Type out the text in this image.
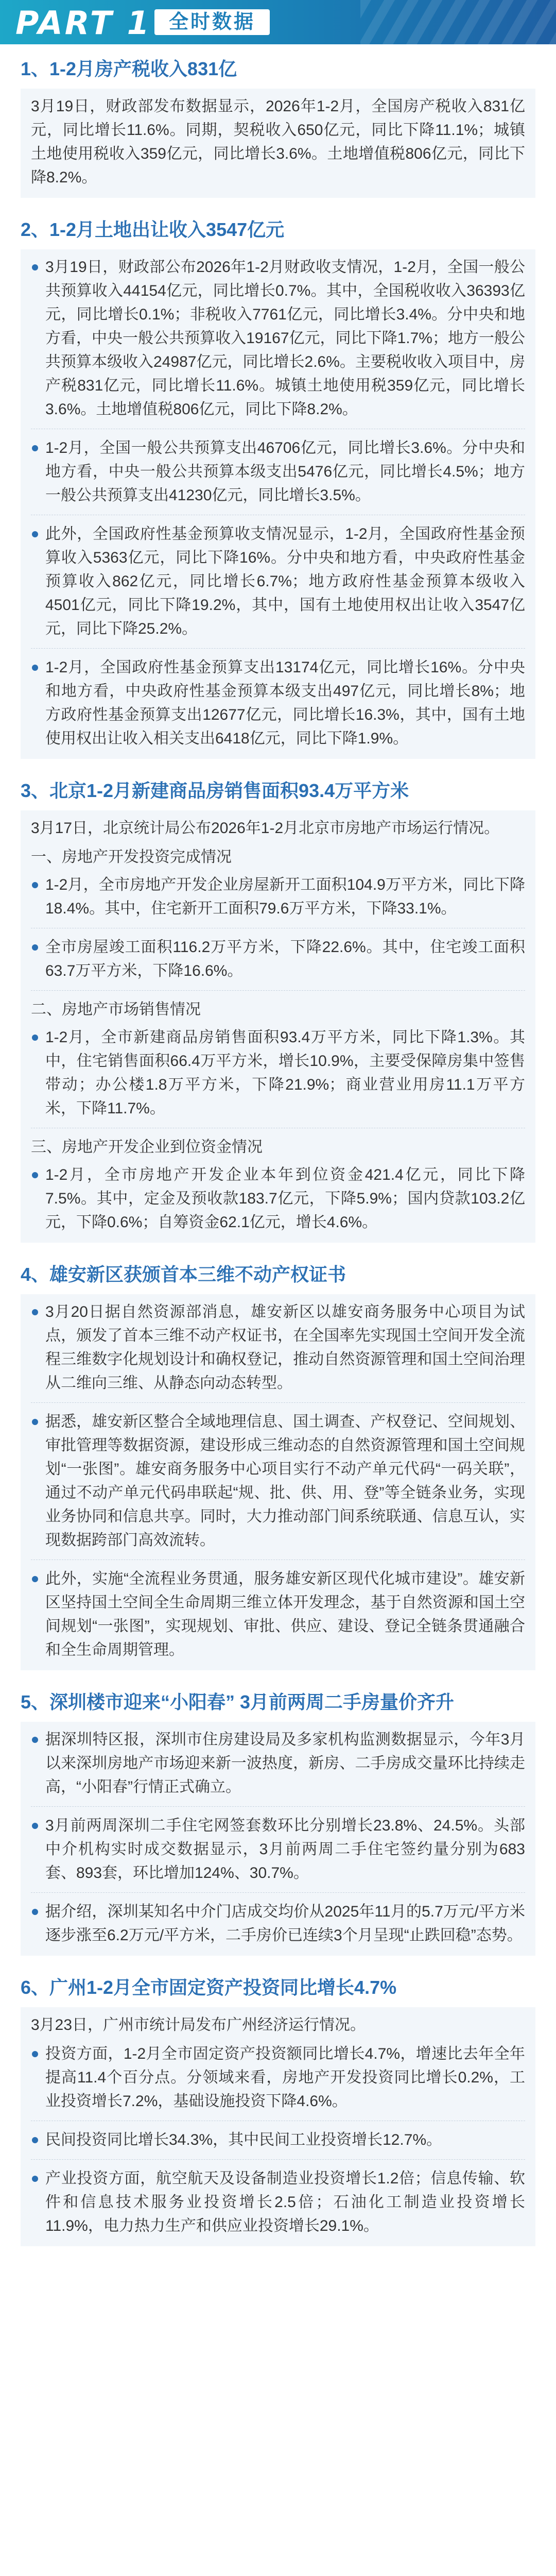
PART 1 全时数据
1、1-2月房产税收入831亿

3月19日，财政部发布数据显示，2026年1-2月，全国房产税收入831亿元，同比增长11.6%。同期，契税收入650亿元，同比下降11.1%；城镇土地使用税收入359亿元，同比增长3.6%。土地增值税806亿元，同比下降8.2%。

2、1-2月土地出让收入3547亿元
3月19日，财政部公布2026年1-2月财政收支情况，1-2月，全国一般公共预算收入44154亿元，同比增长0.7%。其中，全国税收收入36393亿元，同比增长0.1%；非税收入7761亿元，同比增长3.4%。分中央和地方看，中央一般公共预算收入19167亿元，同比下降1.7%；地方一般公共预算本级收入24987亿元，同比增长2.6%。主要税收收入项目中，房产税831亿元，同比增长11.6%。城镇土地使用税359亿元，同比增长3.6%。土地增值税806亿元，同比下降8.2%。
1-2月，全国一般公共预算支出46706亿元，同比增长3.6%。分中央和地方看，中央一般公共预算本级支出5476亿元，同比增长4.5%；地方一般公共预算支出41230亿元，同比增长3.5%。
此外，全国政府性基金预算收支情况显示，1-2月，全国政府性基金预算收入5363亿元，同比下降16%。分中央和地方看，中央政府性基金预算收入862亿元，同比增长6.7%；地方政府性基金预算本级收入4501亿元，同比下降19.2%，其中，国有土地使用权出让收入3547亿元，同比下降25.2%。
1-2月，全国政府性基金预算支出13174亿元，同比增长16%。分中央和地方看，中央政府性基金预算本级支出497亿元，同比增长8%；地方政府性基金预算支出12677亿元，同比增长16.3%，其中，国有土地使用权出让收入相关支出6418亿元，同比下降1.9%。
3、北京1-2月新建商品房销售面积93.4万平方米

3月17日，北京统计局公布2026年1-2月北京市房地产市场运行情况。

一、房地产开发投资完成情况
1-2月，全市房地产开发企业房屋新开工面积104.9万平方米，同比下降18.4%。其中，住宅新开工面积79.6万平方米，下降33.1%。
全市房屋竣工面积116.2万平方米，下降22.6%。其中，住宅竣工面积63.7万平方米，下降16.6%。
二、房地产市场销售情况
1-2月，全市新建商品房销售面积93.4万平方米，同比下降1.3%。其中，住宅销售面积66.4万平方米，增长10.9%，主要受保障房集中签售带动；办公楼1.8万平方米，下降21.9%；商业营业用房11.1万平方米，下降11.7%。
三、房地产开发企业到位资金情况
1-2月，全市房地产开发企业本年到位资金421.4亿元，同比下降7.5%。其中，定金及预收款183.7亿元，下降5.9%；国内贷款103.2亿元，下降0.6%；自筹资金62.1亿元，增长4.6%。
4、雄安新区获颁首本三维不动产权证书
3月20日据自然资源部消息，雄安新区以雄安商务服务中心项目为试点，颁发了首本三维不动产权证书，在全国率先实现国土空间开发全流程三维数字化规划设计和确权登记，推动自然资源管理和国土空间治理从二维向三维、从静态向动态转型。
据悉，雄安新区整合全域地理信息、国土调查、产权登记、空间规划、审批管理等数据资源，建设形成三维动态的自然资源管理和国土空间规划“一张图”。雄安商务服务中心项目实行不动产单元代码“一码关联”，通过不动产单元代码串联起“规、批、供、用、登”等全链条业务，实现业务协同和信息共享。同时，大力推动部门间系统联通、信息互认，实现数据跨部门高效流转。
此外，实施“全流程业务贯通，服务雄安新区现代化城市建设”。雄安新区坚持国土空间全生命周期三维立体开发理念，基于自然资源和国土空间规划“一张图”，实现规划、审批、供应、建设、登记全链条贯通融合和全生命周期管理。
5、深圳楼市迎来“小阳春” 3月前两周二手房量价齐升
据深圳特区报，深圳市住房建设局及多家机构监测数据显示，今年3月以来深圳房地产市场迎来新一波热度，新房、二手房成交量环比持续走高，“小阳春”行情正式确立。
3月前两周深圳二手住宅网签套数环比分别增长23.8%、24.5%。头部中介机构实时成交数据显示，3月前两周二手住宅签约量分别为683套、893套，环比增加124%、30.7%。
据介绍，深圳某知名中介门店成交均价从2025年11月的5.7万元/平方米逐步涨至6.2万元/平方米，二手房价已连续3个月呈现“止跌回稳”态势。
6、广州1-2月全市固定资产投资同比增长4.7%

3月23日，广州市统计局发布广州经济运行情况。

投资方面，1-2月全市固定资产投资额同比增长4.7%，增速比去年全年提高11.4个百分点。分领域来看，房地产开发投资同比增长0.2%，工业投资增长7.2%，基础设施投资下降4.6%。
民间投资同比增长34.3%，其中民间工业投资增长12.7%。
产业投资方面，航空航天及设备制造业投资增长1.2倍；信息传输、软件和信息技术服务业投资增长2.5倍；石油化工制造业投资增长11.9%，电力热力生产和供应业投资增长29.1%。
